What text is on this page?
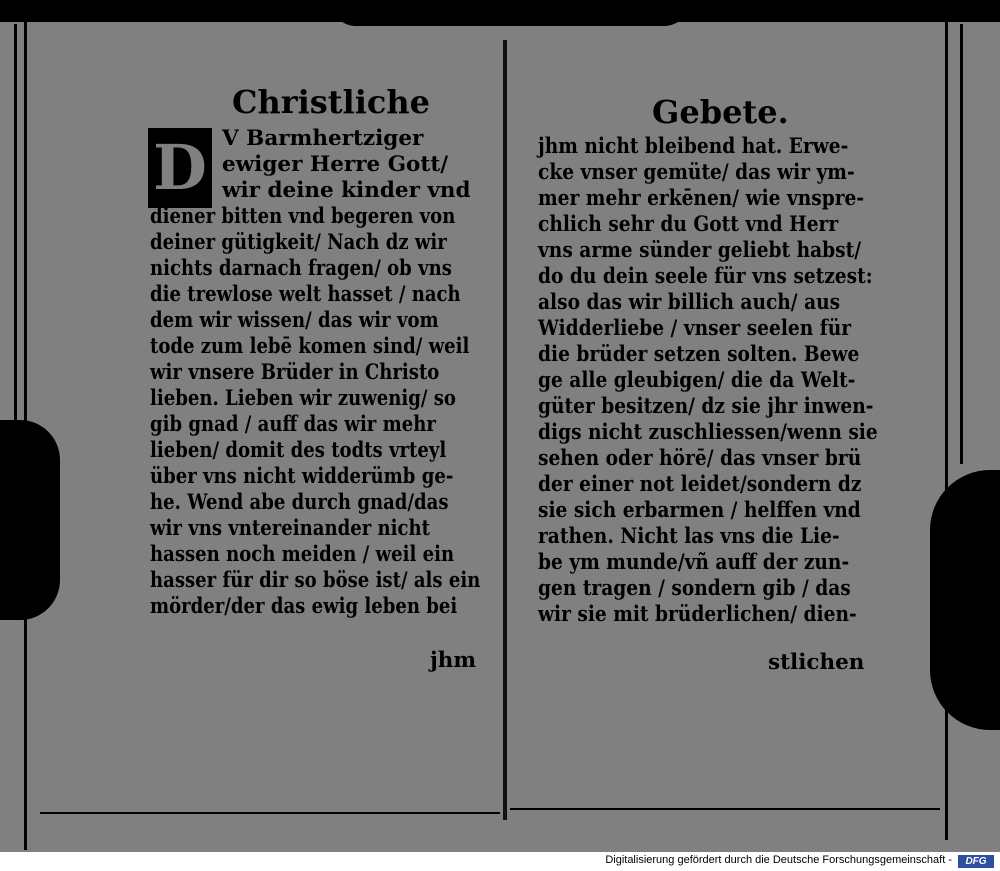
Christliche
D V Barmhertziger
ewiger Herre Gott/
wir deine kinder vnd
diener bitten vnd begeren von
deiner gütigkeit/ Nach dz wir
nichts darnach fragen/ ob vns
die trewlose welt hasset / nach
dem wir wissen/ das wir vom
tode zum lebē komen sind/ weil
wir vnsere Brüder in Christo
lieben. Lieben wir zuwenig/ so
gib gnad / auff das wir mehr
lieben/ domit des todts vrteyl
über vns nicht widderümb ge-
he. Wend abe durch gnad/das
wir vns vntereinander nicht
hassen noch meiden / weil ein
hasser für dir so böse ist/ als ein
mörder/der das ewig leben bei
jhm
Gebete.
jhm nicht bleibend hat. Erwe-
cke vnser gemüte/ das wir ym-
mer mehr erkēnen/ wie vnspre-
chlich sehr du Gott vnd Herr
vns arme sünder geliebt habst/
do du dein seele für vns setzest:
also das wir billich auch/ aus
Widderliebe / vnser seelen für
die brüder setzen solten. Bewe
ge alle gleubigen/ die da Welt-
güter besitzen/ dz sie jhr inwen-
digs nicht zuschliessen/wenn sie
sehen oder hörē/ das vnser brü
der einer not leidet/sondern dz
sie sich erbarmen / helffen vnd
rathen. Nicht las vns die Lie-
be ym munde/vñ auff der zun-
gen tragen / sondern gib / das
wir sie mit brüderlichen/ dien-
stlichen
Digitalisierung gefördert durch die Deutsche Forschungsgemeinschaft -	DFG
